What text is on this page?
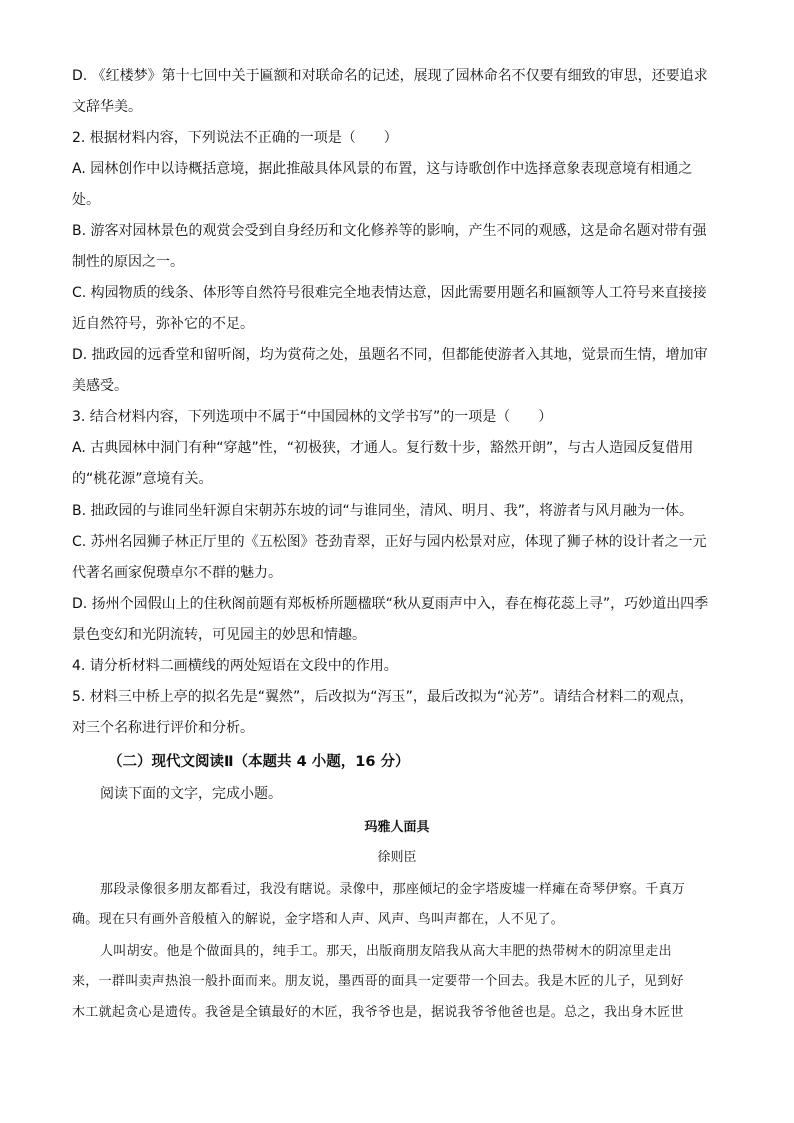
D. 《红楼梦》第十七回中关于匾额和对联命名的记述，展现了园林命名不仅要有细致的审思，还要追求
文辞华美。
2. 根据材料内容，下列说法不正确的一项是（　　）
A. 园林创作中以诗概括意境，据此推敲具体风景的布置，这与诗歌创作中选择意象表现意境有相通之
处。
B. 游客对园林景色的观赏会受到自身经历和文化修养等的影响，产生不同的观感，这是命名题对带有强
制性的原因之一。
C. 构园物质的线条、体形等自然符号很难完全地表情达意，因此需要用题名和匾额等人工符号来直接接
近自然符号，弥补它的不足。
D. 拙政园的远香堂和留听阁，均为赏荷之处，虽题名不同，但都能使游者入其地，觉景而生情，增加审
美感受。
3. 结合材料内容，下列选项中不属于“中国园林的文学书写”的一项是（　　）
A. 古典园林中洞门有种“穿越”性，“初极狭，才通人。复行数十步，豁然开朗”，与古人造园反复借用
的“桃花源”意境有关。
B. 拙政园的与谁同坐轩源自宋朝苏东坡的词“与谁同坐，清风、明月、我”，将游者与风月融为一体。
C. 苏州名园狮子林正厅里的《五松图》苍劲青翠，正好与园内松景对应，体现了狮子林的设计者之一元
代著名画家倪瓒卓尔不群的魅力。
D. 扬州个园假山上的住秋阁前题有郑板桥所题楹联“秋从夏雨声中入，春在梅花蕊上寻”，巧妙道出四季
景色变幻和光阴流转，可见园主的妙思和情趣。
4. 请分析材料二画横线的两处短语在文段中的作用。
5. 材料三中桥上亭的拟名先是“翼然”，后改拟为“泻玉”，最后改拟为“沁芳”。请结合材料二的观点，
对三个名称进行评价和分析。
（二）现代文阅读Ⅱ（本题共 4 小题，16 分）
阅读下面的文字，完成小题。
玛雅人面具
徐则臣
那段录像很多朋友都看过，我没有瞎说。录像中，那座倾圮的金字塔废墟一样瘫在奇琴伊察。千真万
确。现在只有画外音般植入的解说，金字塔和人声、风声、鸟叫声都在，人不见了。
人叫胡安。他是个做面具的，纯手工。那天，出版商朋友陪我从高大丰肥的热带树木的阴凉里走出
来，一群叫卖声热浪一般扑面而来。朋友说，墨西哥的面具一定要带一个回去。我是木匠的儿子，见到好
木工就起贪心是遗传。我爸是全镇最好的木匠，我爷爷也是，据说我爷爷他爸也是。总之，我出身木匠世
